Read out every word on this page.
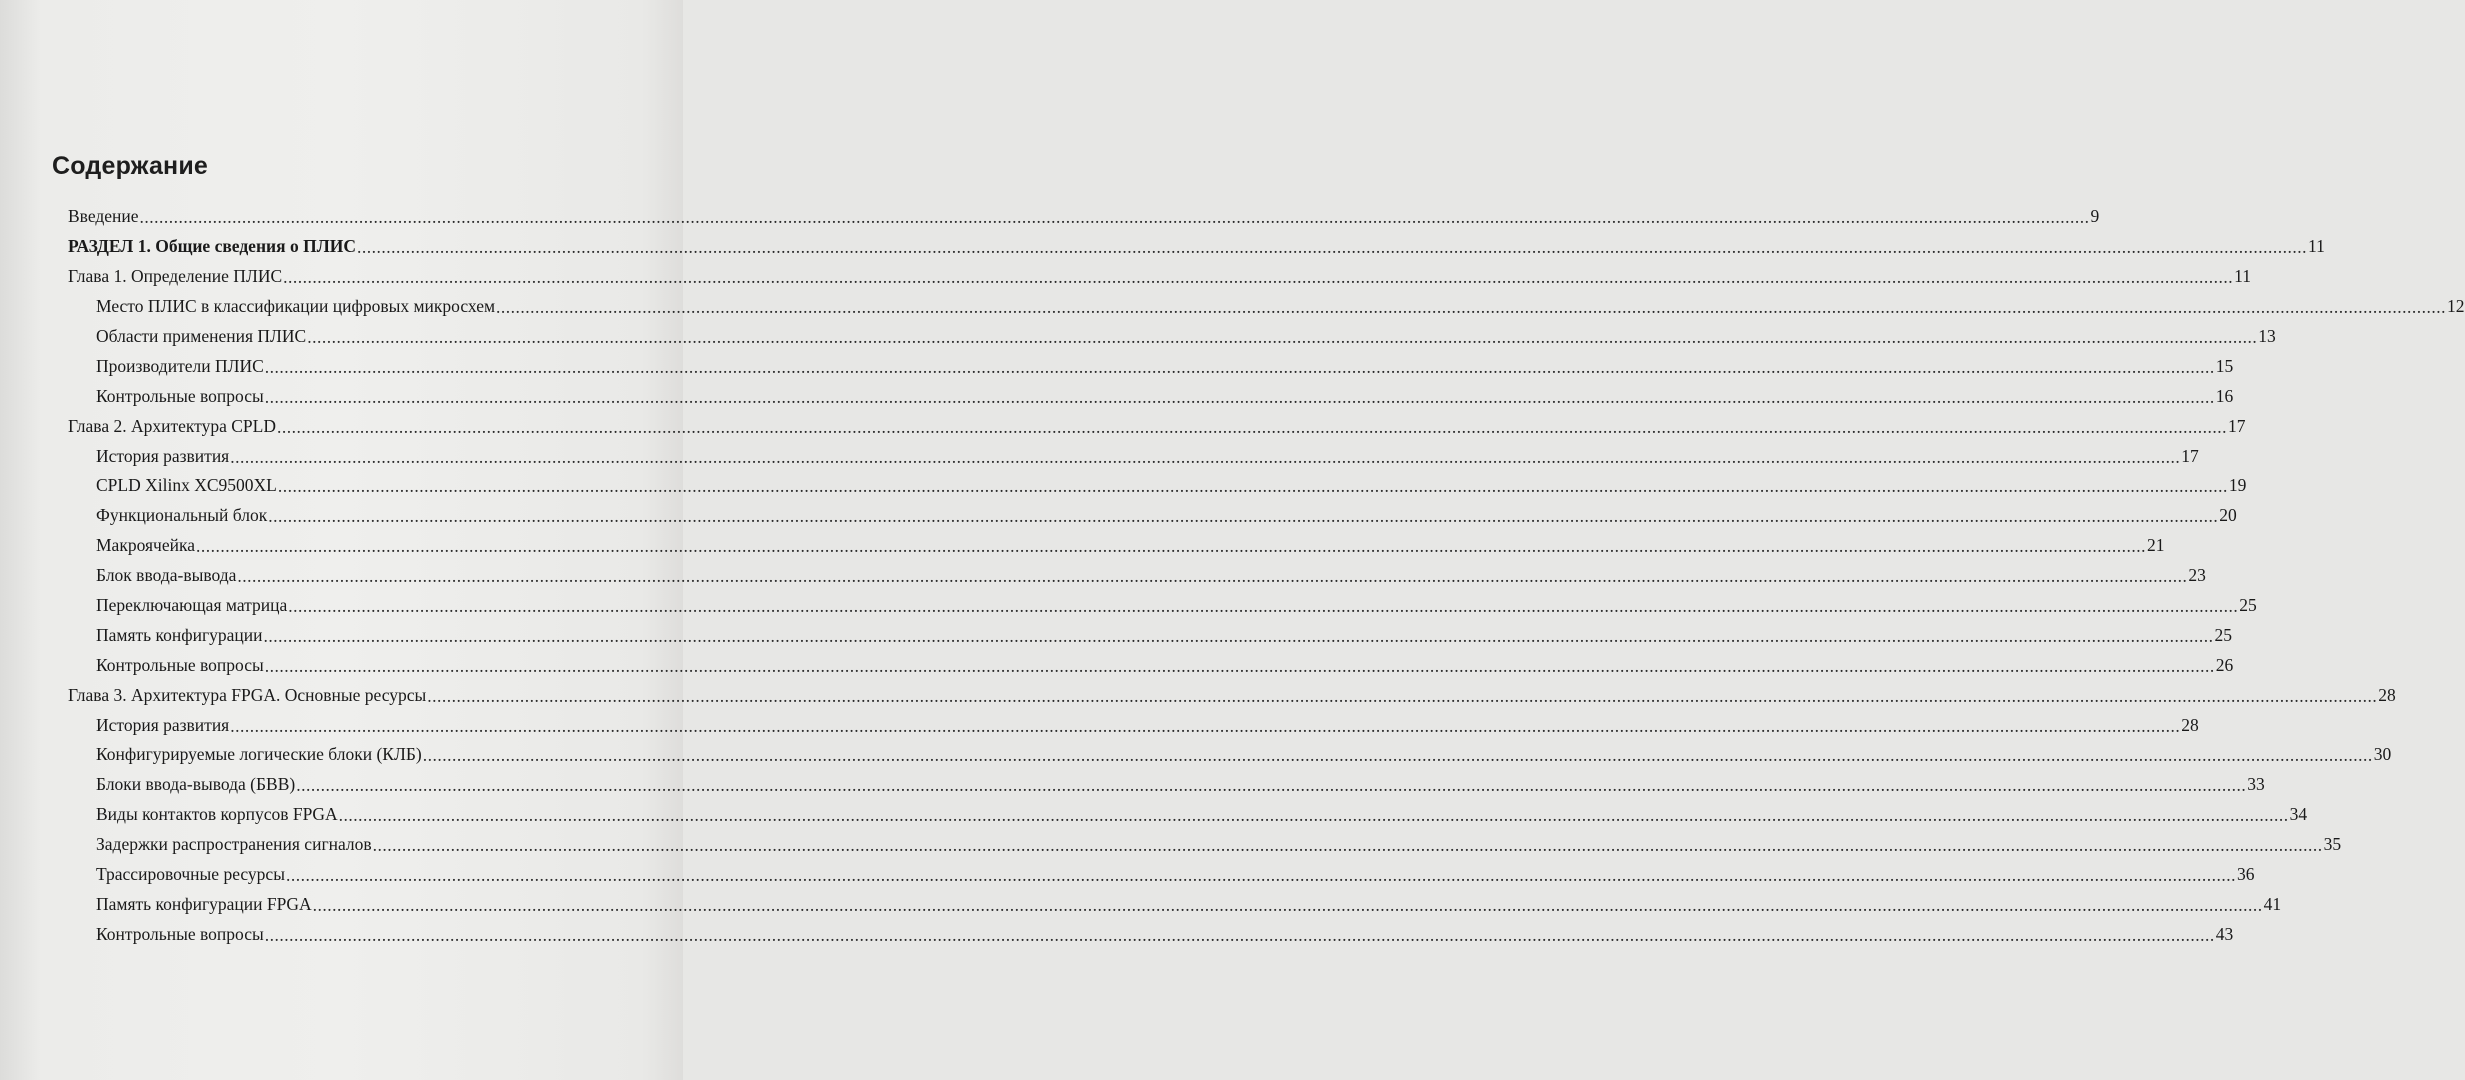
Содержание
Введение ................................................................................................................................................................................................................................................................................................................................................................................................................ 9
РАЗДЕЛ 1. Общие сведения о ПЛИС ................................................................................................................................................................................................................................................................................................................................................................................................................ 11
Глава 1. Определение ПЛИС ................................................................................................................................................................................................................................................................................................................................................................................................................ 11
Место ПЛИС в классификации цифровых микросхем ................................................................................................................................................................................................................................................................................................................................................................................................................ 12
Области применения ПЛИС ................................................................................................................................................................................................................................................................................................................................................................................................................ 13
Производители ПЛИС ................................................................................................................................................................................................................................................................................................................................................................................................................ 15
Контрольные вопросы ................................................................................................................................................................................................................................................................................................................................................................................................................ 16
Глава 2. Архитектура CPLD ................................................................................................................................................................................................................................................................................................................................................................................................................ 17
История развития ................................................................................................................................................................................................................................................................................................................................................................................................................ 17
CPLD Xilinx XC9500XL ................................................................................................................................................................................................................................................................................................................................................................................................................ 19
Функциональный блок ................................................................................................................................................................................................................................................................................................................................................................................................................ 20
Макроячейка ................................................................................................................................................................................................................................................................................................................................................................................................................ 21
Блок ввода-вывода ................................................................................................................................................................................................................................................................................................................................................................................................................ 23
Переключающая матрица ................................................................................................................................................................................................................................................................................................................................................................................................................ 25
Память конфигурации ................................................................................................................................................................................................................................................................................................................................................................................................................ 25
Контрольные вопросы ................................................................................................................................................................................................................................................................................................................................................................................................................ 26
Глава 3. Архитектура FPGA. Основные ресурсы ................................................................................................................................................................................................................................................................................................................................................................................................................ 28
История развития ................................................................................................................................................................................................................................................................................................................................................................................................................ 28
Конфигурируемые логические блоки (КЛБ) ................................................................................................................................................................................................................................................................................................................................................................................................................ 30
Блоки ввода-вывода (БВВ) ................................................................................................................................................................................................................................................................................................................................................................................................................ 33
Виды контактов корпусов FPGA ................................................................................................................................................................................................................................................................................................................................................................................................................ 34
Задержки распространения сигналов ................................................................................................................................................................................................................................................................................................................................................................................................................ 35
Трассировочные ресурсы ................................................................................................................................................................................................................................................................................................................................................................................................................ 36
Память конфигурации FPGA ................................................................................................................................................................................................................................................................................................................................................................................................................ 41
Контрольные вопросы ................................................................................................................................................................................................................................................................................................................................................................................................................ 43
